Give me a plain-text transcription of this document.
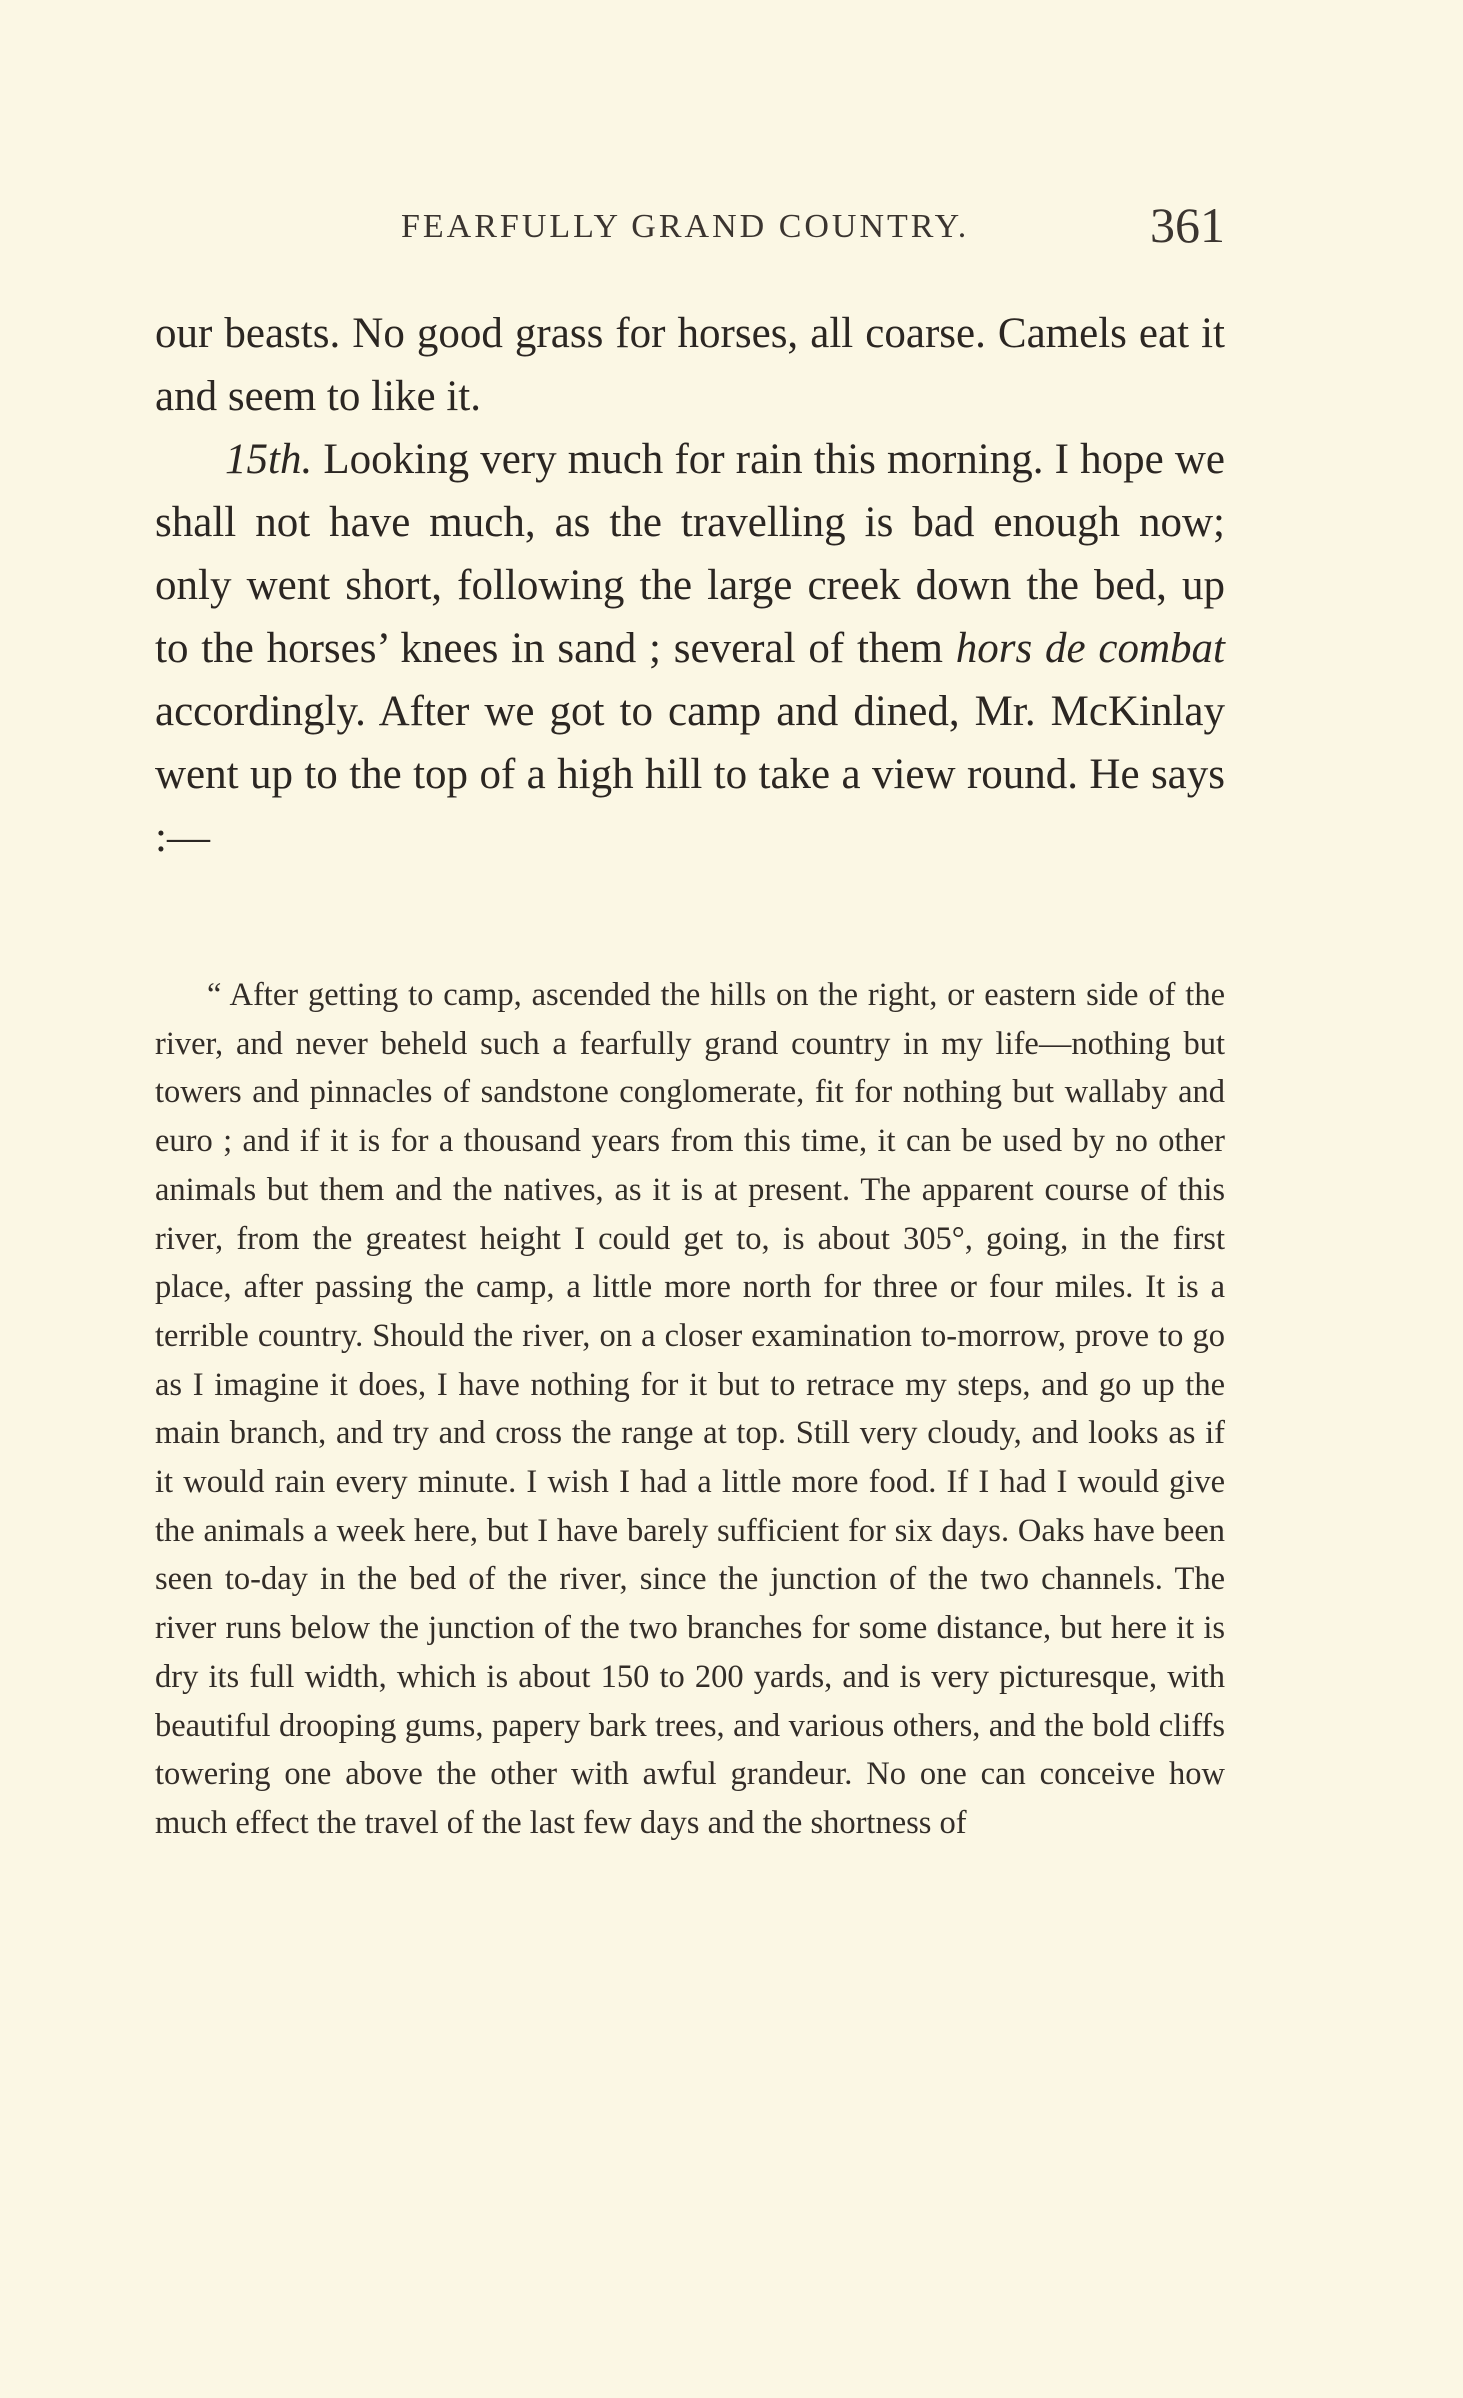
FEARFULLY GRAND COUNTRY.	361

our beasts. No good grass for horses, all coarse. Camels eat it and seem to like it.

15th. Looking very much for rain this morning. I hope we shall not have much, as the travelling is bad enough now; only went short, following the large creek down the bed, up to the horses’ knees in sand ; several of them hors de combat accordingly. After we got to camp and dined, Mr. McKinlay went up to the top of a high hill to take a view round. He says :—

“ After getting to camp, ascended the hills on the right, or eastern side of the river, and never beheld such a fearfully grand country in my life—nothing but towers and pinnacles of sandstone conglomerate, fit for nothing but wallaby and euro ; and if it is for a thousand years from this time, it can be used by no other animals but them and the natives, as it is at present. The apparent course of this river, from the greatest height I could get to, is about 305°, going, in the first place, after passing the camp, a little more north for three or four miles. It is a terrible country. Should the river, on a closer examination to-morrow, prove to go as I imagine it does, I have nothing for it but to retrace my steps, and go up the main branch, and try and cross the range at top. Still very cloudy, and looks as if it would rain every minute. I wish I had a little more food. If I had I would give the animals a week here, but I have barely sufficient for six days. Oaks have been seen to-day in the bed of the river, since the junction of the two channels. The river runs below the junction of the two branches for some distance, but here it is dry its full width, which is about 150 to 200 yards, and is very picturesque, with beautiful drooping gums, papery bark trees, and various others, and the bold cliffs towering one above the other with awful grandeur. No one can conceive how much effect the travel of the last few days and the shortness of
